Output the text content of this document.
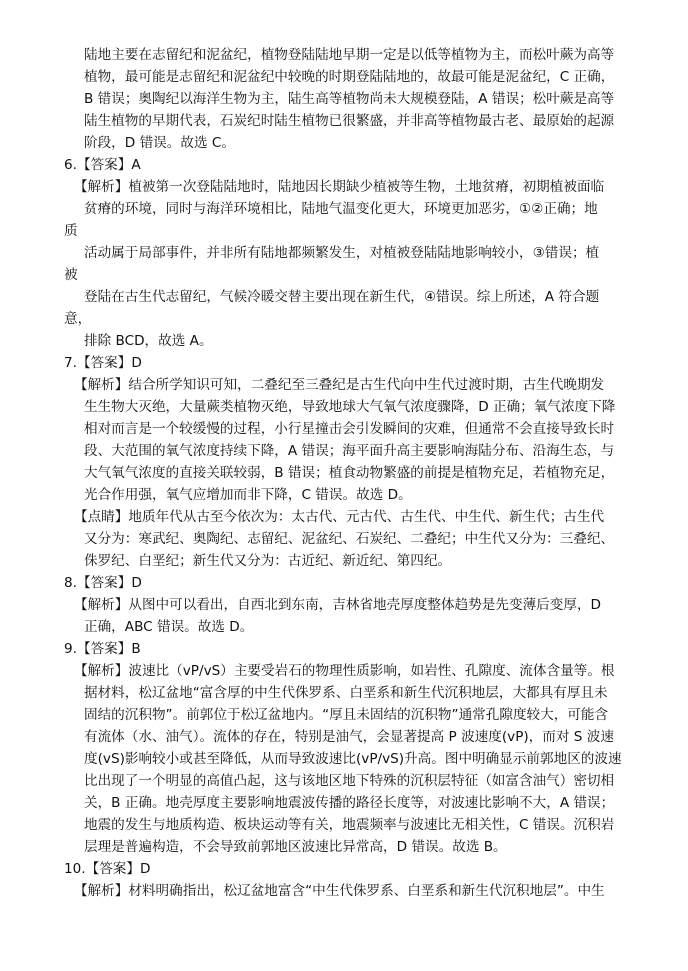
陆地主要在志留纪和泥盆纪，植物登陆陆地早期一定是以低等植物为主，而松叶蕨为高等
植物，最可能是志留纪和泥盆纪中较晚的时期登陆陆地的，故最可能是泥盆纪，C 正确，
B 错误；奥陶纪以海洋生物为主，陆生高等植物尚未大规模登陆，A 错误；松叶蕨是高等
陆生植物的早期代表，石炭纪时陆生植物已很繁盛，并非高等植物最古老、最原始的起源
阶段，D 错误。故选 C。
6.【答案】A
【解析】植被第一次登陆陆地时，陆地因长期缺少植被等生物，土地贫瘠，初期植被面临
贫瘠的环境，同时与海洋环境相比，陆地气温变化更大，环境更加恶劣，①②正确；地
质
活动属于局部事件，并非所有陆地都频繁发生，对植被登陆陆地影响较小，③错误；植
被
登陆在古生代志留纪，气候冷暖交替主要出现在新生代，④错误。综上所述，A 符合题
意，
排除 BCD，故选 A。
7.【答案】D
【解析】结合所学知识可知，二叠纪至三叠纪是古生代向中生代过渡时期，古生代晚期发
生生物大灭绝，大量蕨类植物灭绝，导致地球大气氧气浓度骤降，D 正确；氧气浓度下降
相对而言是一个较缓慢的过程，小行星撞击会引发瞬间的灾难，但通常不会直接导致长时
段、大范围的氧气浓度持续下降，A 错误；海平面升高主要影响海陆分布、沿海生态，与
大气氧气浓度的直接关联较弱，B 错误；植食动物繁盛的前提是植物充足，若植物充足，
光合作用强，氧气应增加而非下降，C 错误。故选 D。
【点睛】地质年代从古至今依次为：太古代、元古代、古生代、中生代、新生代；古生代
又分为：寒武纪、奥陶纪、志留纪、泥盆纪、石炭纪、二叠纪；中生代又分为：三叠纪、
侏罗纪、白垩纪；新生代又分为：古近纪、新近纪、第四纪。
8.【答案】D
【解析】从图中可以看出，自西北到东南，吉林省地壳厚度整体趋势是先变薄后变厚，D
正确，ABC 错误。故选 D。
9.【答案】B
【解析】波速比（vP/vS）主要受岩石的物理性质影响，如岩性、孔隙度、流体含量等。根
据材料，松辽盆地“富含厚的中生代侏罗系、白垩系和新生代沉积地层，大都具有厚且未
固结的沉积物”。前郭位于松辽盆地内。“厚且未固结的沉积物”通常孔隙度较大，可能含
有流体（水、油气）。流体的存在，特别是油气，会显著提高 P 波速度(vP)，而对 S 波速
度(vS)影响较小或甚至降低，从而导致波速比(vP/vS)升高。图中明确显示前郭地区的波速
比出现了一个明显的高值凸起，这与该地区地下特殊的沉积层特征（如富含油气）密切相
关，B 正确。地壳厚度主要影响地震波传播的路径长度等，对波速比影响不大，A 错误；
地震的发生与地质构造、板块运动等有关，地震频率与波速比无相关性，C 错误。沉积岩
层理是普遍构造，不会导致前郭地区波速比异常高，D 错误。故选 B。
10.【答案】D
【解析】材料明确指出，松辽盆地富含“中生代侏罗系、白垩系和新生代沉积地层”。中生
